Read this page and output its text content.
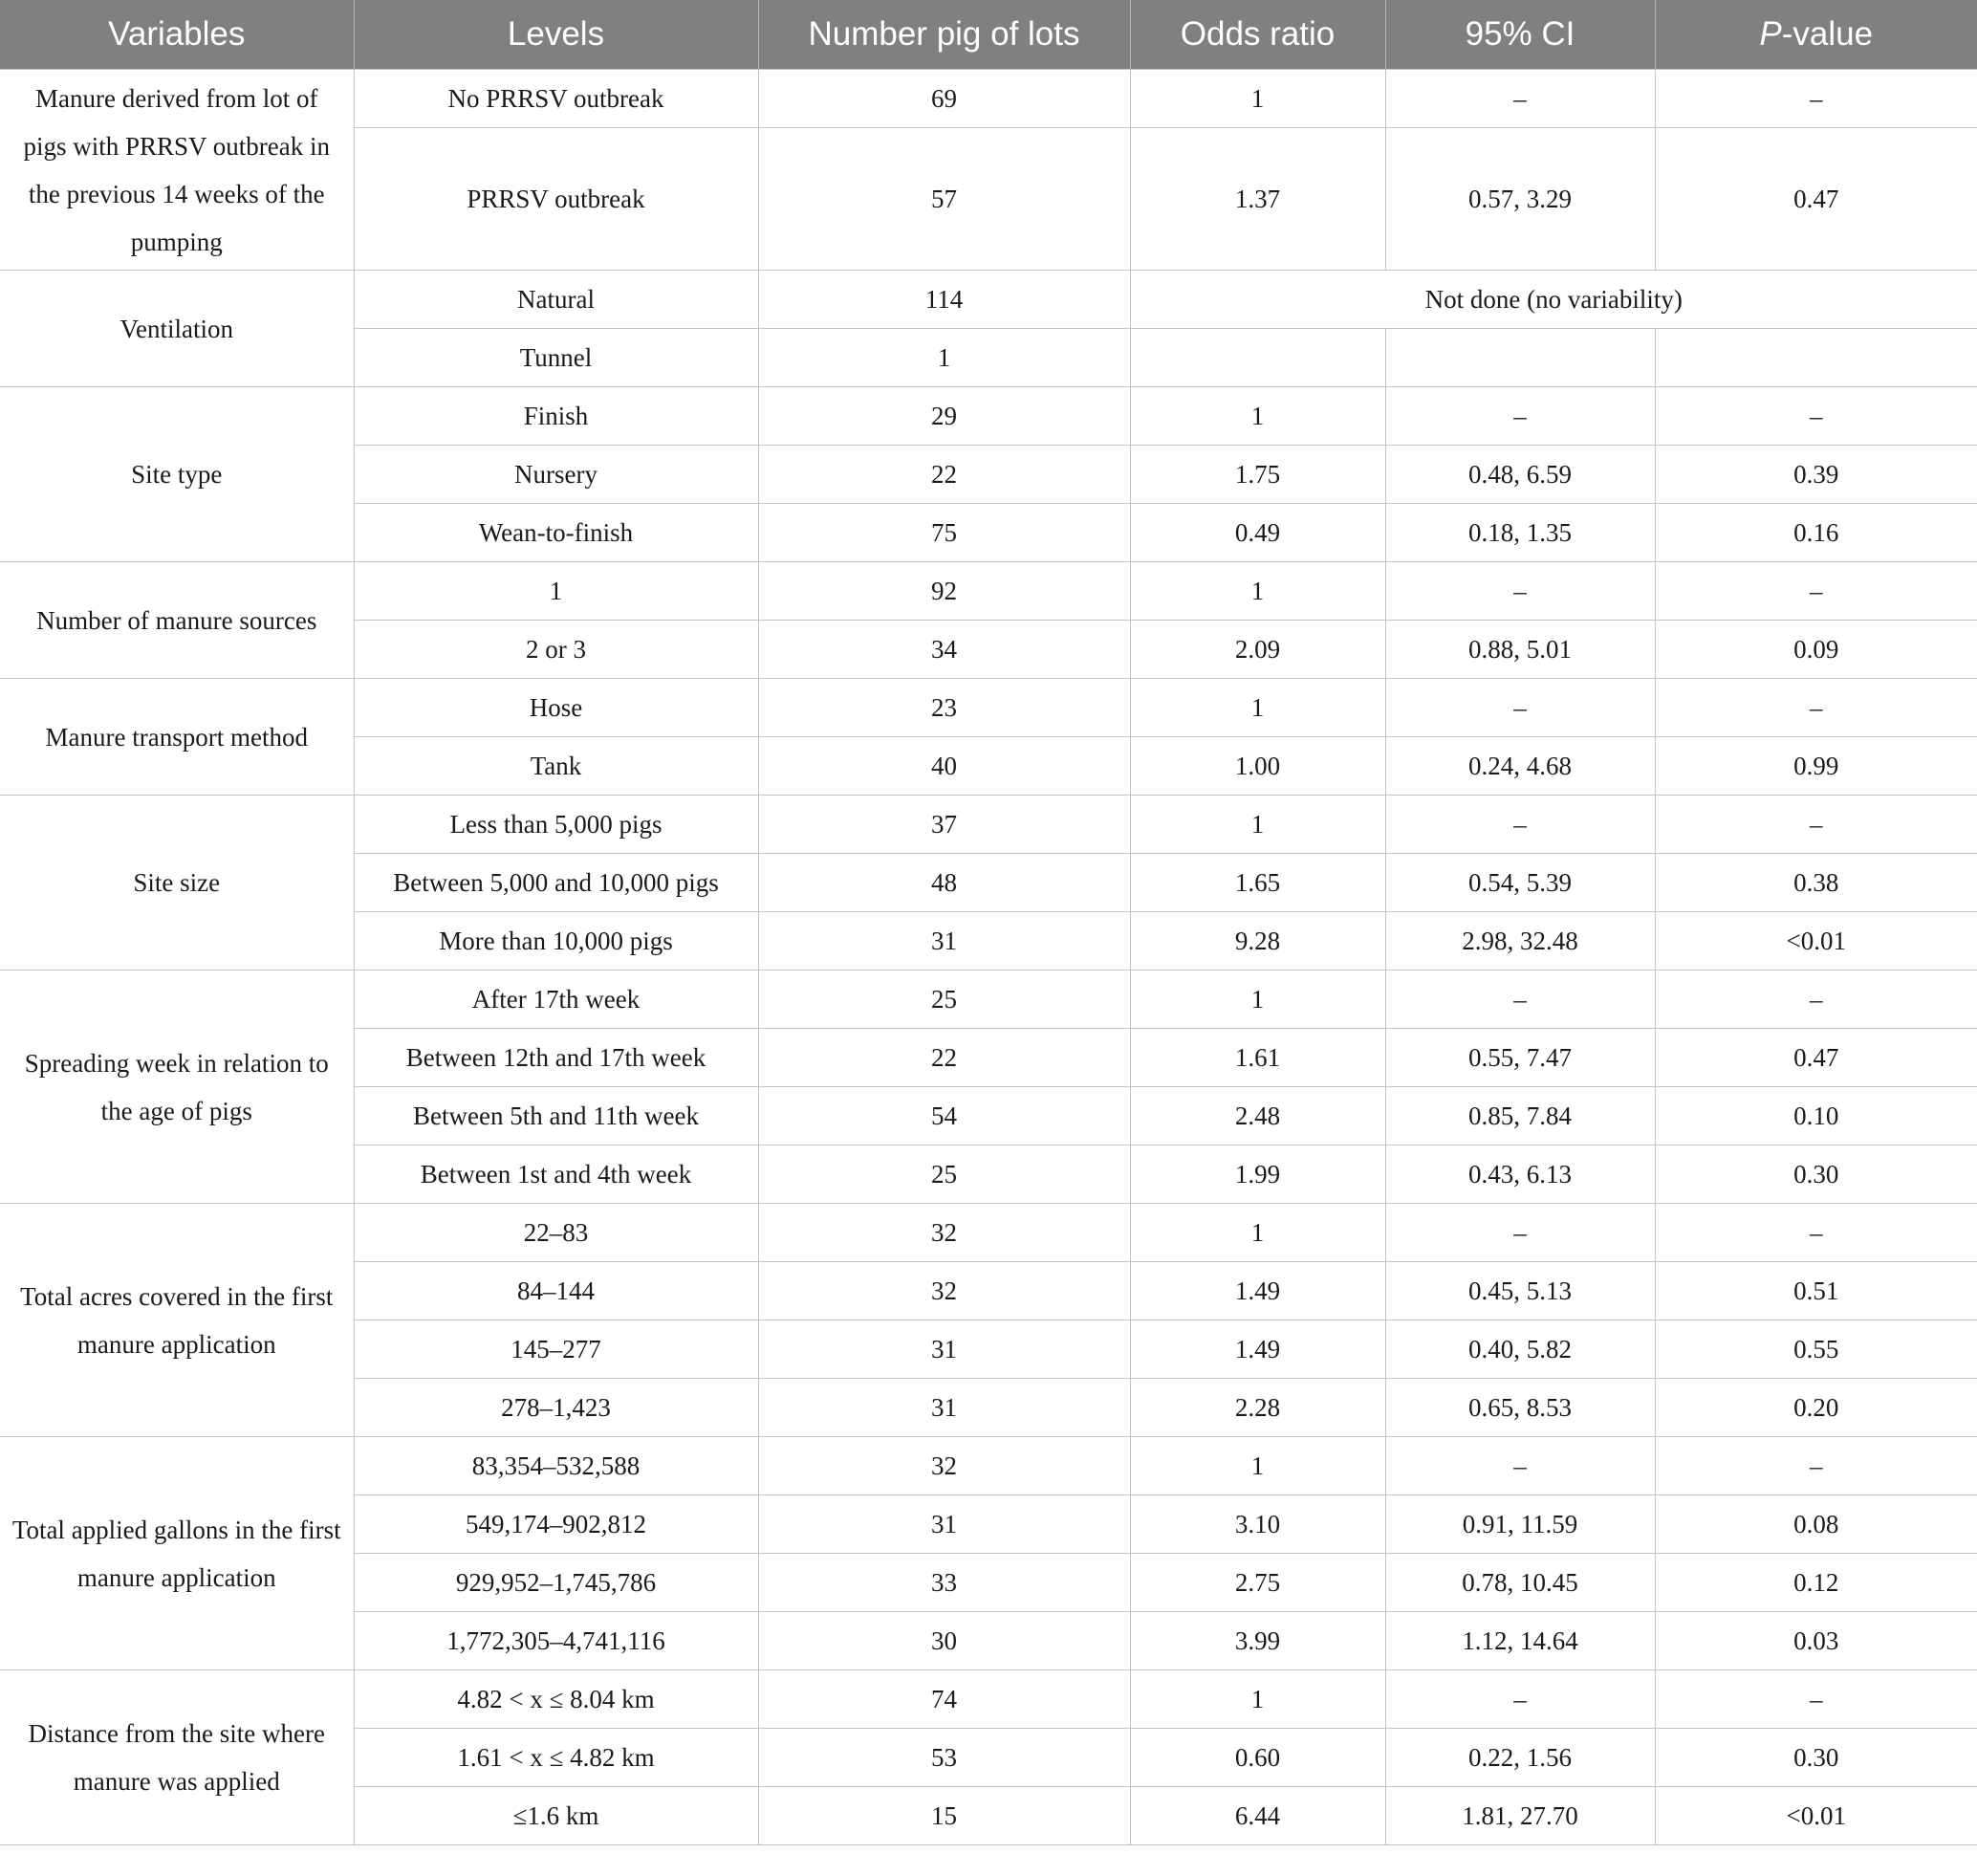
Variables	Levels	Number pig of lots	Odds ratio	95% CI	P-value
Manure derived from lot of pigs with PRRSV outbreak in the previous 14 weeks of the pumping	No PRRSV outbreak	69	1	–	–
	PRRSV outbreak	57	1.37	0.57, 3.29	0.47
Ventilation	Natural	114	Not done (no variability)		
	Tunnel	1			
Site type	Finish	29	1	–	–
	Nursery	22	1.75	0.48, 6.59	0.39
	Wean-to-finish	75	0.49	0.18, 1.35	0.16
Number of manure sources	1	92	1	–	–
	2 or 3	34	2.09	0.88, 5.01	0.09
Manure transport method	Hose	23	1	–	–
	Tank	40	1.00	0.24, 4.68	0.99
Site size	Less than 5,000 pigs	37	1	–	–
	Between 5,000 and 10,000 pigs	48	1.65	0.54, 5.39	0.38
	More than 10,000 pigs	31	9.28	2.98, 32.48	<0.01
Spreading week in relation to the age of pigs	After 17th week	25	1	–	–
	Between 12th and 17th week	22	1.61	0.55, 7.47	0.47
	Between 5th and 11th week	54	2.48	0.85, 7.84	0.10
	Between 1st and 4th week	25	1.99	0.43, 6.13	0.30
Total acres covered in the first manure application	22–83	32	1	–	–
	84–144	32	1.49	0.45, 5.13	0.51
	145–277	31	1.49	0.40, 5.82	0.55
	278–1,423	31	2.28	0.65, 8.53	0.20
Total applied gallons in the first manure application	83,354–532,588	32	1	–	–
	549,174–902,812	31	3.10	0.91, 11.59	0.08
	929,952–1,745,786	33	2.75	0.78, 10.45	0.12
	1,772,305–4,741,116	30	3.99	1.12, 14.64	0.03
Distance from the site where manure was applied	4.82 < x ≤ 8.04 km	74	1	–	–
	1.61 < x ≤ 4.82 km	53	0.60	0.22, 1.56	0.30
	≤1.6 km	15	6.44	1.81, 27.70	<0.01
